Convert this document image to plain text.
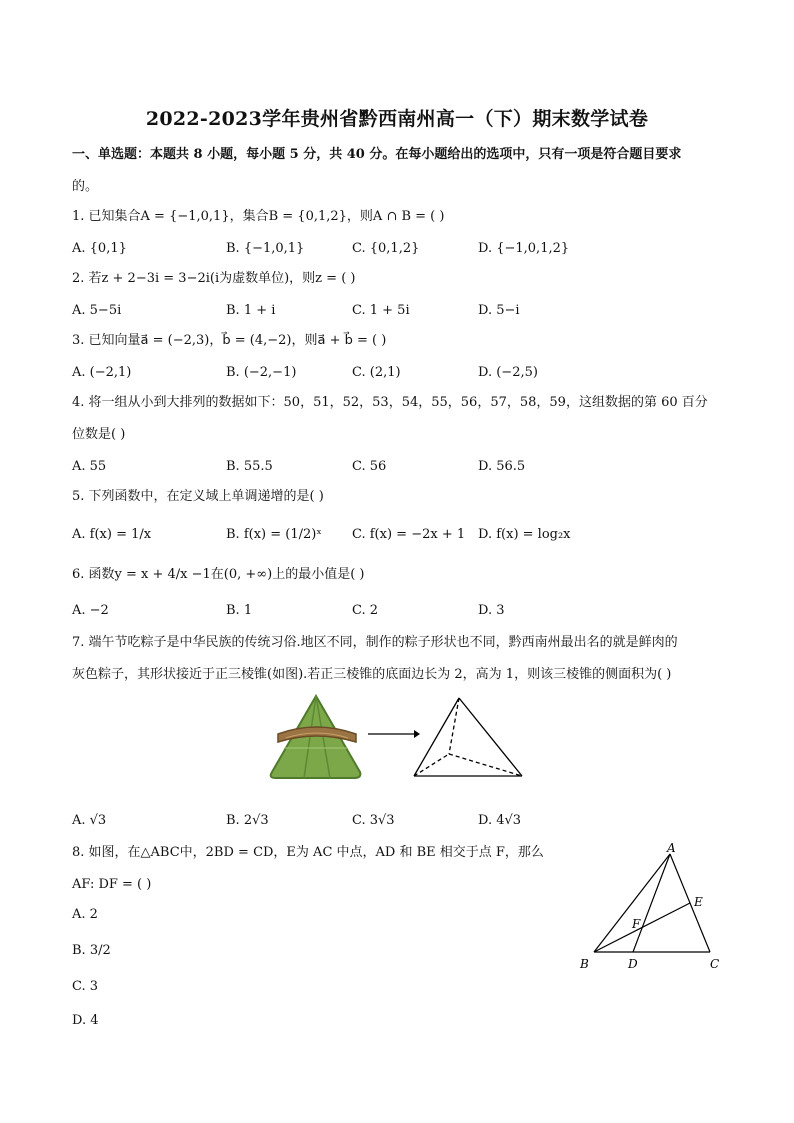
2022-2023学年贵州省黔西南州高一（下）期末数学试卷
一、单选题：本题共 8 小题，每小题 5 分，共 40 分。在每小题给出的选项中，只有一项是符合题目要求
的。
1. 已知集合A = {−1,0,1}，集合B = {0,1,2}，则A ∩ B = ( )
A. {0,1}	B. {−1,0,1}	C. {0,1,2}	D. {−1,0,1,2}
2. 若z + 2−3i = 3−2i(i为虚数单位)，则z = ( )
A. 5−5i	B. 1 + i	C. 1 + 5i	D. 5−i
3. 已知向量a⃗ = (−2,3)，b⃗ = (4,−2)，则a⃗ + b⃗ = ( )
A. (−2,1)	B. (−2,−1)	C. (2,1)	D. (−2,5)
4. 将一组从小到大排列的数据如下：50，51，52，53，54，55，56，57，58，59，这组数据的第 60 百分
位数是( )
A. 55	B. 55.5	C. 56	D. 56.5
5. 下列函数中，在定义域上单调递增的是( )
A. f(x) = 1/x	B. f(x) = (1/2)ˣ C. f(x) = −2x + 1 D. f(x) = log₂x
6. 函数y = x + 4/x −1在(0, +∞)上的最小值是( )
A. −2	B. 1	C. 2	D. 3
7. 端午节吃粽子是中华民族的传统习俗.地区不同，制作的粽子形状也不同，黔西南州最出名的就是鲜肉的
灰色粽子，其形状接近于正三棱锥(如图).若正三棱锥的底面边长为 2，高为 1，则该三棱锥的侧面积为( )
A. √3	B. 2√3	C. 3√3	D. 4√3
8. 如图，在△ABC中，2BD = CD，E为 AC 中点，AD 和 BE 相交于点 F，那么
AF: DF = ( )
A. 2
B. 3/2
C. 3
D. 4
A
E
F
B	D	C
